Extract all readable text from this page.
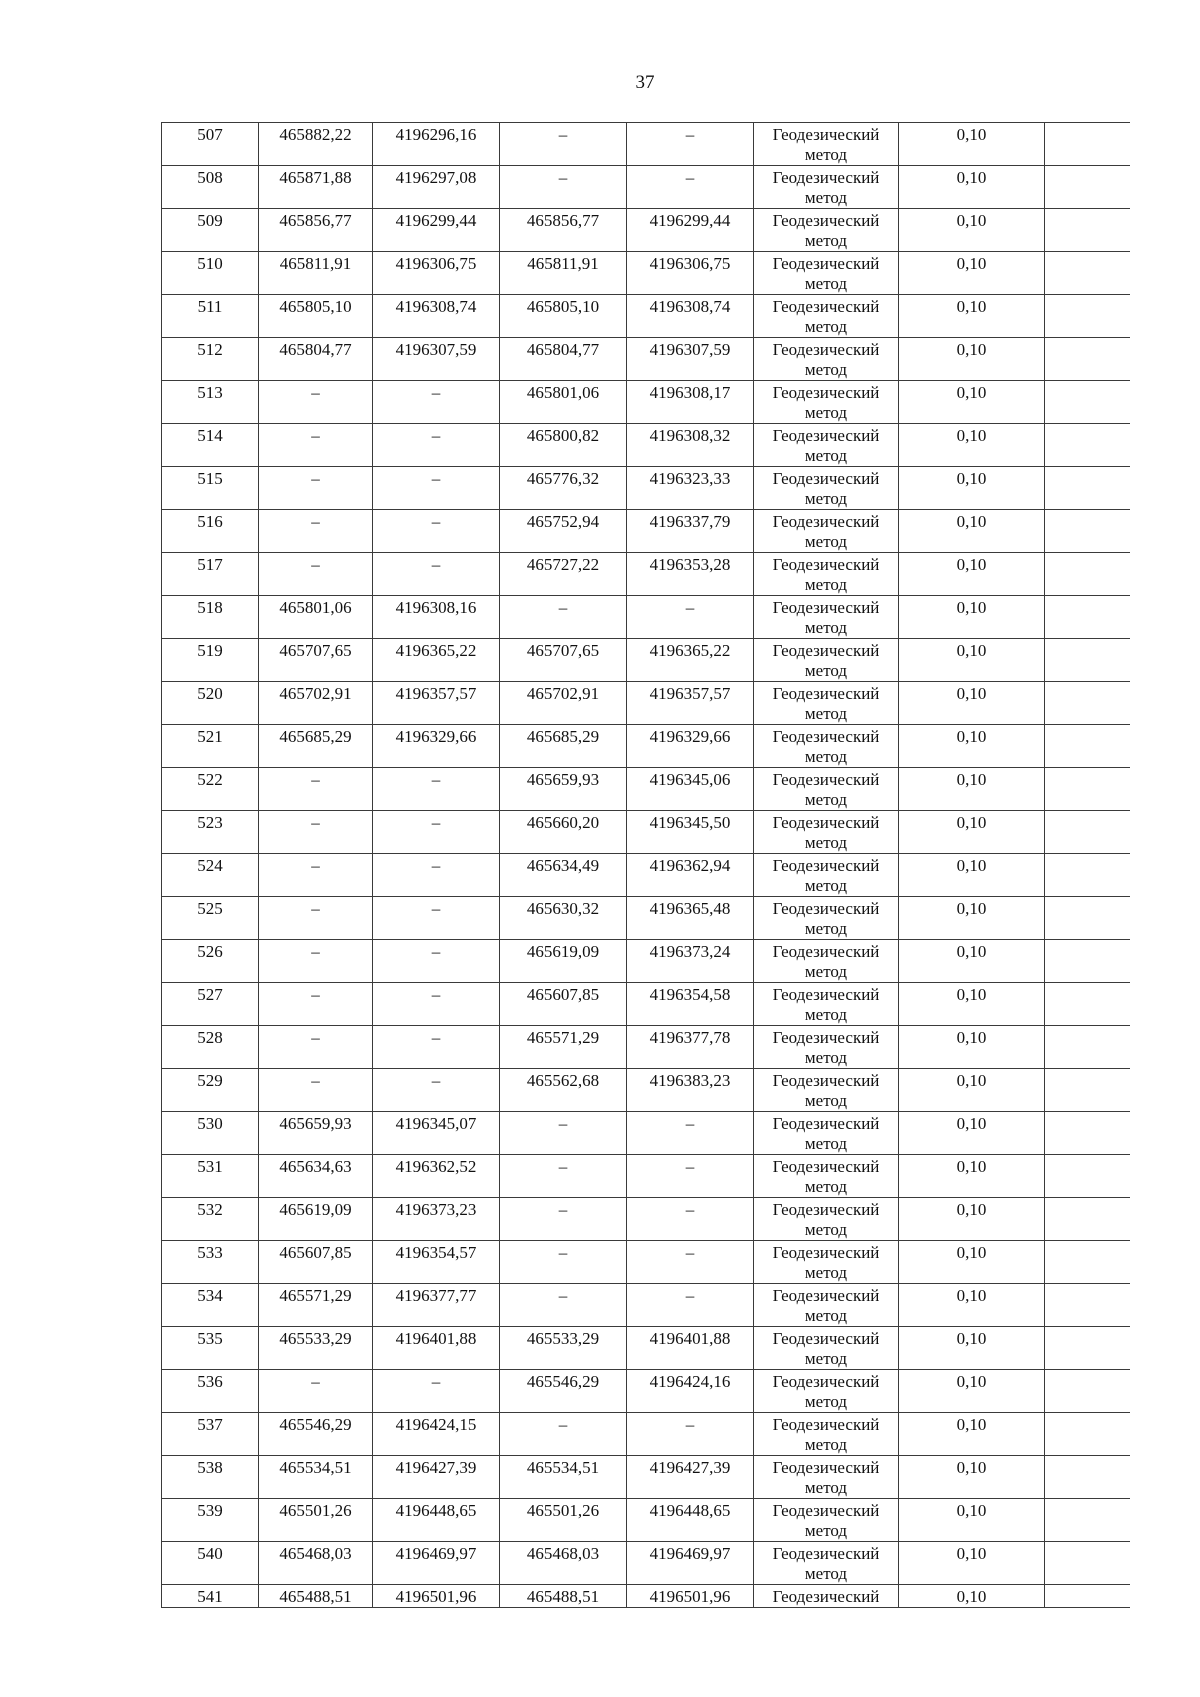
37
507	465882,22	4196296,16	–	–	Геодезический
метод	0,10	
508	465871,88	4196297,08	–	–	Геодезический
метод	0,10	
509	465856,77	4196299,44	465856,77	4196299,44	Геодезический
метод	0,10	
510	465811,91	4196306,75	465811,91	4196306,75	Геодезический
метод	0,10	
511	465805,10	4196308,74	465805,10	4196308,74	Геодезический
метод	0,10	
512	465804,77	4196307,59	465804,77	4196307,59	Геодезический
метод	0,10	
513	–	–	465801,06	4196308,17	Геодезический
метод	0,10	
514	–	–	465800,82	4196308,32	Геодезический
метод	0,10	
515	–	–	465776,32	4196323,33	Геодезический
метод	0,10	
516	–	–	465752,94	4196337,79	Геодезический
метод	0,10	
517	–	–	465727,22	4196353,28	Геодезический
метод	0,10	
518	465801,06	4196308,16	–	–	Геодезический
метод	0,10	
519	465707,65	4196365,22	465707,65	4196365,22	Геодезический
метод	0,10	
520	465702,91	4196357,57	465702,91	4196357,57	Геодезический
метод	0,10	
521	465685,29	4196329,66	465685,29	4196329,66	Геодезический
метод	0,10	
522	–	–	465659,93	4196345,06	Геодезический
метод	0,10	
523	–	–	465660,20	4196345,50	Геодезический
метод	0,10	
524	–	–	465634,49	4196362,94	Геодезический
метод	0,10	
525	–	–	465630,32	4196365,48	Геодезический
метод	0,10	
526	–	–	465619,09	4196373,24	Геодезический
метод	0,10	
527	–	–	465607,85	4196354,58	Геодезический
метод	0,10	
528	–	–	465571,29	4196377,78	Геодезический
метод	0,10	
529	–	–	465562,68	4196383,23	Геодезический
метод	0,10	
530	465659,93	4196345,07	–	–	Геодезический
метод	0,10	
531	465634,63	4196362,52	–	–	Геодезический
метод	0,10	
532	465619,09	4196373,23	–	–	Геодезический
метод	0,10	
533	465607,85	4196354,57	–	–	Геодезический
метод	0,10	
534	465571,29	4196377,77	–	–	Геодезический
метод	0,10	
535	465533,29	4196401,88	465533,29	4196401,88	Геодезический
метод	0,10	
536	–	–	465546,29	4196424,16	Геодезический
метод	0,10	
537	465546,29	4196424,15	–	–	Геодезический
метод	0,10	
538	465534,51	4196427,39	465534,51	4196427,39	Геодезический
метод	0,10	
539	465501,26	4196448,65	465501,26	4196448,65	Геодезический
метод	0,10	
540	465468,03	4196469,97	465468,03	4196469,97	Геодезический
метод	0,10	
541	465488,51	4196501,96	465488,51	4196501,96	Геодезический	0,10	
